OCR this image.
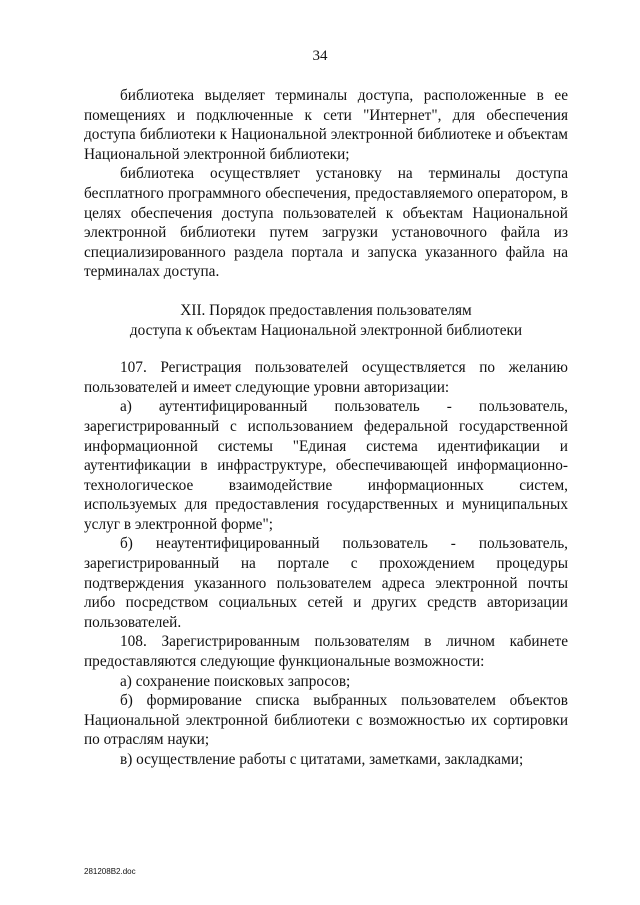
34

библиотека выделяет терминалы доступа, расположенные в ее помещениях и подключенные к сети "Интернет", для обеспечения доступа библиотеки к Национальной электронной библиотеке и объектам Национальной электронной библиотеки;

библиотека осуществляет установку на терминалы доступа бесплатного программного обеспечения, предоставляемого оператором, в целях обеспечения доступа пользователей к объектам Национальной электронной библиотеки путем загрузки установочного файла из специализированного раздела портала и запуска указанного файла на терминалах доступа.

XII. Порядок предоставления пользователям
доступа к объектам Национальной электронной библиотеки

107. Регистрация пользователей осуществляется по желанию пользователей и имеет следующие уровни авторизации:

а) аутентифицированный пользователь - пользователь, зарегистрированный с использованием федеральной государственной информационной системы "Единая система идентификации и аутентификации в инфраструктуре, обеспечивающей информационно-технологическое взаимодействие информационных систем, используемых для предоставления государственных и муниципальных услуг в электронной форме";

б) неаутентифицированный пользователь - пользователь, зарегистрированный на портале с прохождением процедуры подтверждения указанного пользователем адреса электронной почты либо посредством социальных сетей и других средств авторизации пользователей.

108. Зарегистрированным пользователям в личном кабинете предоставляются следующие функциональные возможности:

а) сохранение поисковых запросов;

б) формирование списка выбранных пользователем объектов Национальной электронной библиотеки с возможностью их сортировки по отраслям науки;

в) осуществление работы с цитатами, заметками, закладками;

281208B2.doc
